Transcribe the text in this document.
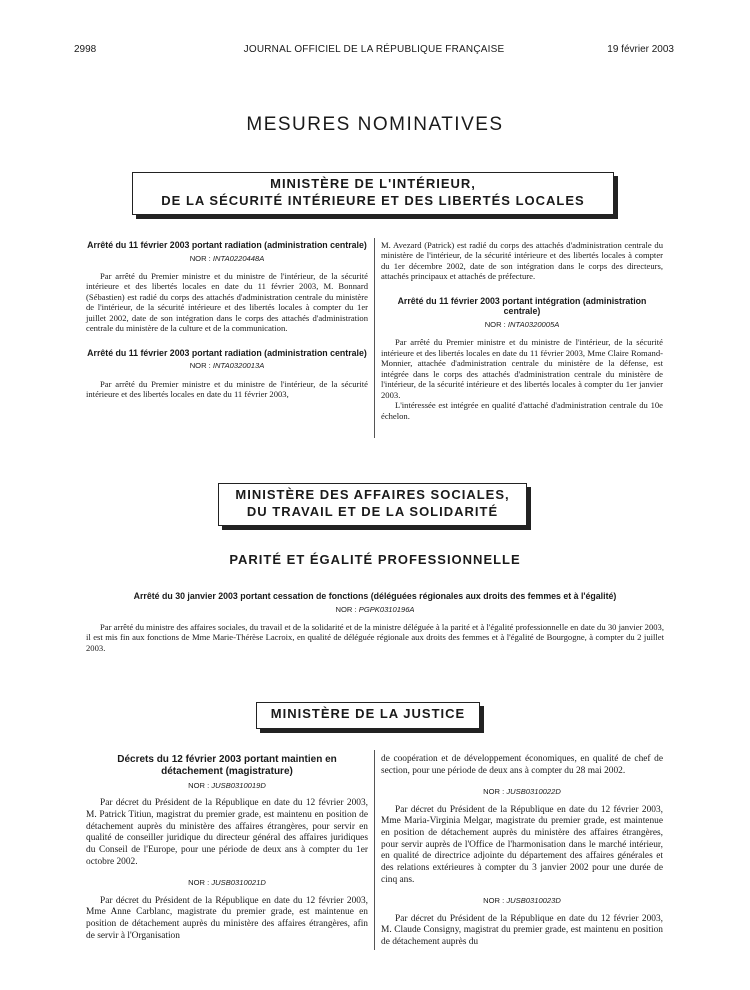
2998	JOURNAL OFFICIEL DE LA RÉPUBLIQUE FRANÇAISE	19 février 2003
MESURES NOMINATIVES
MINISTÈRE DE L'INTÉRIEUR,
DE LA SÉCURITÉ INTÉRIEURE ET DES LIBERTÉS LOCALES
Arrêté du 11 février 2003 portant radiation (administration centrale)
NOR : INTA0220448A

Par arrêté du Premier ministre et du ministre de l'intérieur, de la sécurité intérieure et des libertés locales en date du 11 février 2003, M. Bonnard (Sébastien) est radié du corps des attachés d'administration centrale du ministère de l'intérieur, de la sécurité intérieure et des libertés locales à compter du 1er juillet 2002, date de son intégration dans le corps des attachés d'administration centrale du ministère de la culture et de la communication.

Arrêté du 11 février 2003 portant radiation (administration centrale)
NOR : INTA0320013A

Par arrêté du Premier ministre et du ministre de l'intérieur, de la sécurité intérieure et des libertés locales en date du 11 février 2003,

M. Avezard (Patrick) est radié du corps des attachés d'administration centrale du ministère de l'intérieur, de la sécurité intérieure et des libertés locales à compter du 1er décembre 2002, date de son intégration dans le corps des directeurs, attachés principaux et attachés de préfecture.

Arrêté du 11 février 2003 portant intégration (administration centrale)
NOR : INTA0320005A

Par arrêté du Premier ministre et du ministre de l'intérieur, de la sécurité intérieure et des libertés locales en date du 11 février 2003, Mme Claire Romand-Monnier, attachée d'administration centrale du ministère de la défense, est intégrée dans le corps des attachés d'administration centrale du ministère de l'intérieur, de la sécurité intérieure et des libertés locales à compter du 1er janvier 2003.

L'intéressée est intégrée en qualité d'attaché d'administration centrale du 10e échelon.

MINISTÈRE DES AFFAIRES SOCIALES,
DU TRAVAIL ET DE LA SOLIDARITÉ
PARITÉ ET ÉGALITÉ PROFESSIONNELLE
Arrêté du 30 janvier 2003 portant cessation de fonctions (déléguées régionales aux droits des femmes et à l'égalité)
NOR : PGPK0310196A

Par arrêté du ministre des affaires sociales, du travail et de la solidarité et de la ministre déléguée à la parité et à l'égalité professionnelle en date du 30 janvier 2003, il est mis fin aux fonctions de Mme Marie-Thérèse Lacroix, en qualité de déléguée régionale aux droits des femmes et à l'égalité de Bourgogne, à compter du 2 juillet 2003.

MINISTÈRE DE LA JUSTICE
Décrets du 12 février 2003 portant maintien en détachement (magistrature)
NOR : JUSB0310019D

Par décret du Président de la République en date du 12 février 2003, M. Patrick Titiun, magistrat du premier grade, est maintenu en position de détachement auprès du ministère des affaires étrangères, pour servir en qualité de conseiller juridique du directeur général des affaires juridiques du Conseil de l'Europe, pour une période de deux ans à compter du 1er octobre 2002.

NOR : JUSB0310021D

Par décret du Président de la République en date du 12 février 2003, Mme Anne Carblanc, magistrate du premier grade, est maintenue en position de détachement auprès du ministère des affaires étrangères, afin de servir à l'Organisation

de coopération et de développement économiques, en qualité de chef de section, pour une période de deux ans à compter du 28 mai 2002.

NOR : JUSB0310022D

Par décret du Président de la République en date du 12 février 2003, Mme Maria-Virginia Melgar, magistrate du premier grade, est maintenue en position de détachement auprès du ministère des affaires étrangères, pour servir auprès de l'Office de l'harmonisation dans le marché intérieur, en qualité de directrice adjointe du département des affaires générales et des relations extérieures à compter du 3 janvier 2002 pour une durée de cinq ans.

NOR : JUSB0310023D

Par décret du Président de la République en date du 12 février 2003, M. Claude Consigny, magistrat du premier grade, est maintenu en position de détachement auprès du
